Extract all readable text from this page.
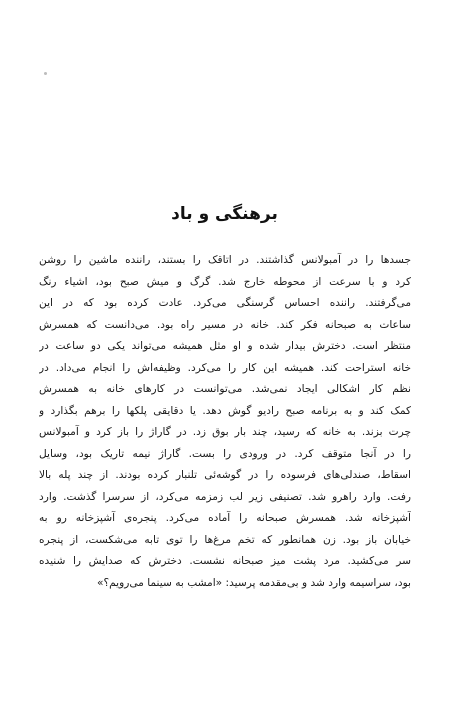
برهنگی و باد
جسدها را در آمبولانس گذاشتند. در اتاقک را بستند، راننده ماشین را روشن
کرد و با سرعت از محوطه خارج شد. گرگ و میش صبح بود، اشیاء رنگ
می‌گرفتند. راننده احساس گرسنگی می‌کرد. عادت کرده بود که در این
ساعات به صبحانه فکر کند. خانه در مسیر راه بود. می‌دانست که همسرش
منتظر است. دخترش بیدار شده و او مثل همیشه می‌تواند یکی دو ساعت در
خانه استراحت کند. همیشه این کار را می‌کرد. وظیفه‌اش را انجام می‌داد. در
نظم کار اشکالی ایجاد نمی‌شد. می‌توانست در کارهای خانه به همسرش
کمک کند و به برنامه صبح رادیو گوش دهد. یا دقایقی پلکها را برهم بگذارد و
چرت بزند. به خانه که رسید، چند بار بوق زد. در گاراژ را باز کرد و آمبولانس
را در آنجا متوقف کرد. در ورودی را بست. گاراژ نیمه تاریک بود، وسایل
اسقاط، صندلی‌های فرسوده را در گوشه‌ئی تلنبار کرده بودند. از چند پله بالا
رفت. وارد راهرو شد. تصنیفی زیر لب زمزمه می‌کرد، از سرسرا گذشت. وارد
آشپزخانه شد. همسرش صبحانه را آماده می‌کرد. پنجره‌ی آشپزخانه رو به
خیابان باز بود. زن همانطور که تخم مرغ‌ها را توی تابه می‌شکست، از پنجره
سر می‌کشید. مرد پشت میز صبحانه نشست. دخترش که صدایش را شنیده
بود، سراسیمه وارد شد و بی‌مقدمه پرسید: «امشب به سینما می‌رویم؟»
